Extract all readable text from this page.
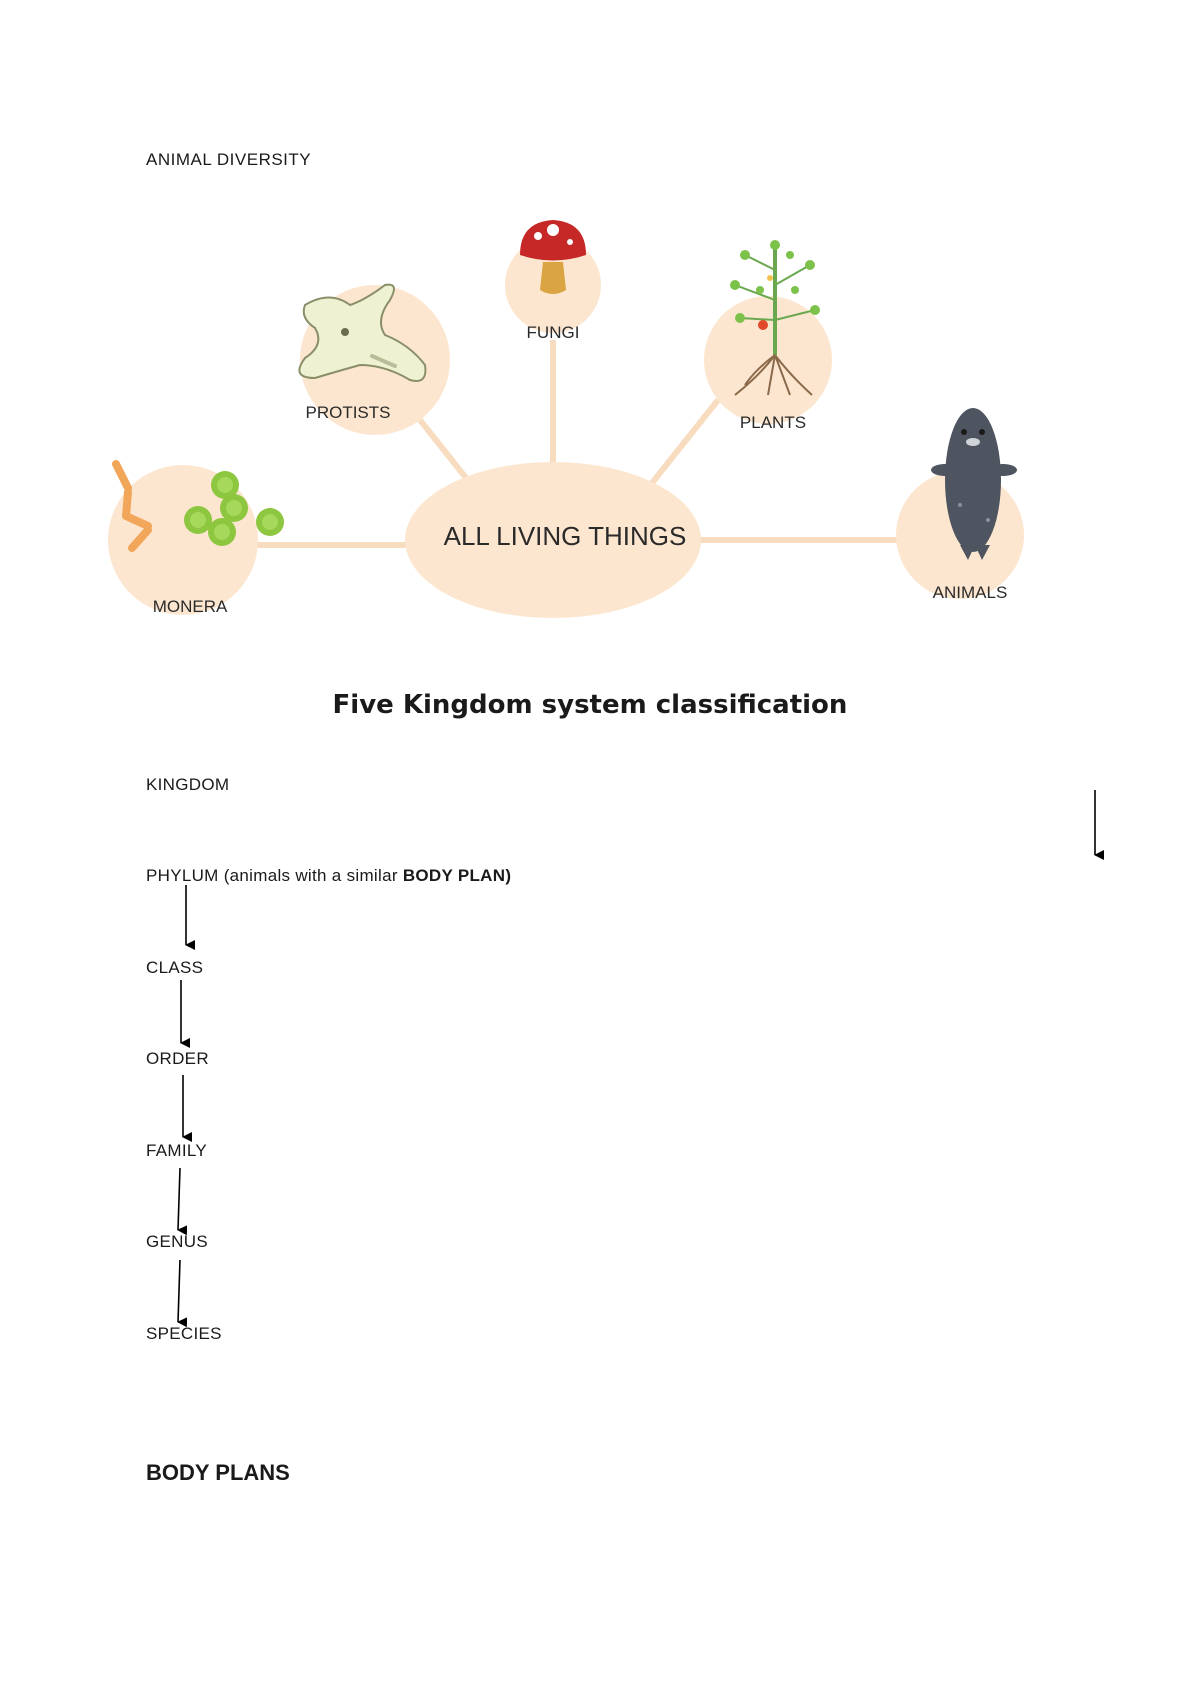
ANIMAL DIVERSITY
MONERA
PROTISTS
FUNGI
PLANTS
ANIMALS
ALL LIVING THINGS
Five Kingdom system classification
KINGDOM
PHYLUM (animals with a similar BODY PLAN)
CLASS
ORDER
FAMILY
GENUS
SPECIES
BODY PLANS
